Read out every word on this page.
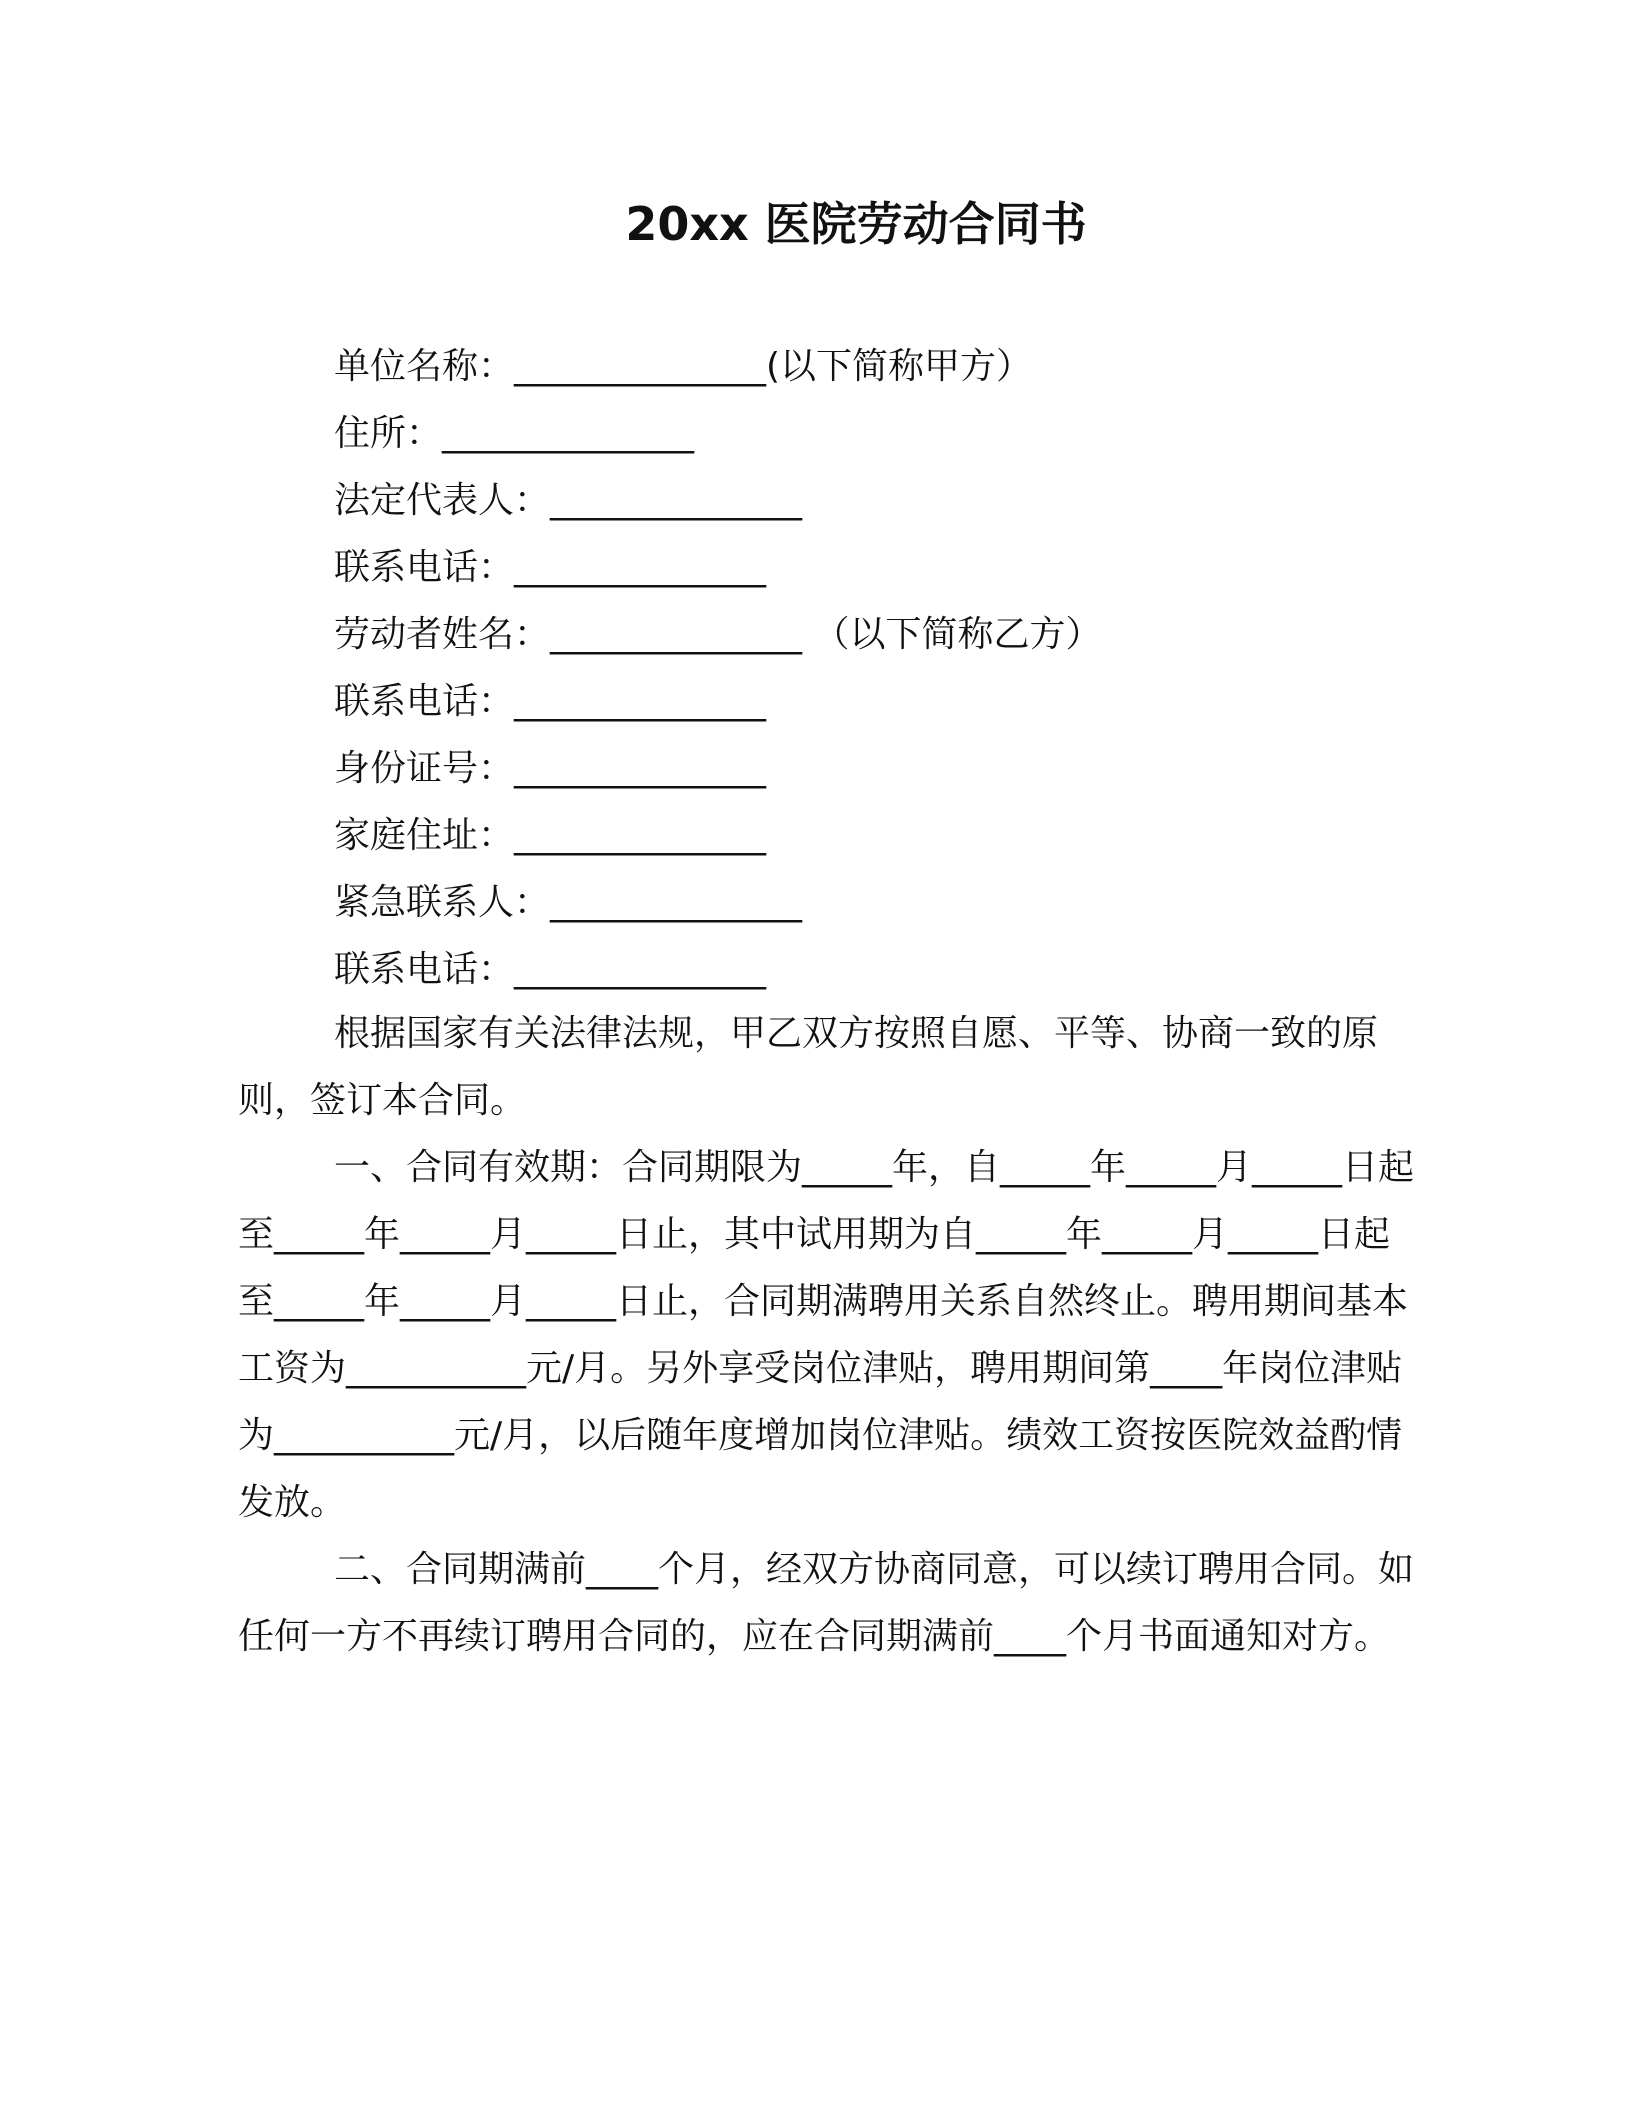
20xx 医院劳动合同书
单位名称：______________(以下简称甲方）
住所：______________
法定代表人：______________
联系电话：______________
劳动者姓名：______________ （以下简称乙方）
联系电话：______________
身份证号：______________
家庭住址：______________
紧急联系人：______________
联系电话：______________

根据国家有关法律法规，甲乙双方按照自愿、平等、协商一致的原则，签订本合同。

一、合同有效期：合同期限为_____年，自_____年_____月_____日起至_____年_____月_____日止，其中试用期为自_____年_____月_____日起至_____年_____月_____日止，合同期满聘用关系自然终止。聘用期间基本工资为__________元/月。另外享受岗位津贴，聘用期间第____年岗位津贴为__________元/月，以后随年度增加岗位津贴。绩效工资按医院效益酌情发放。

二、合同期满前____个月，经双方协商同意，可以续订聘用合同。如任何一方不再续订聘用合同的，应在合同期满前____个月书面通知对方。
